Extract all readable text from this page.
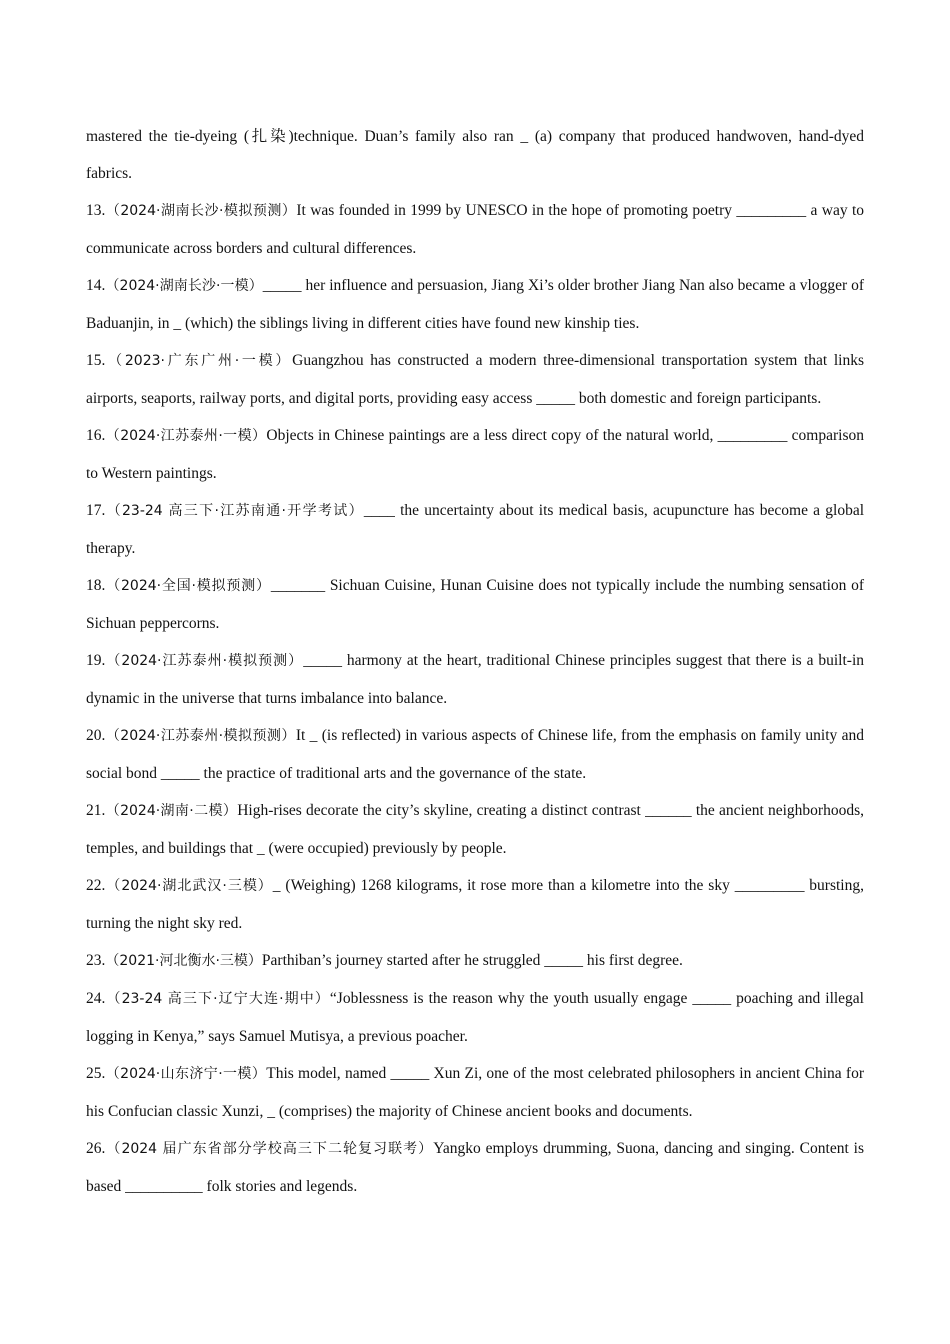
mastered the tie-dyeing (扎染)technique. Duan’s family also ran _ (a) company that produced handwoven, hand-dyed fabrics.

13.（2024·湖南长沙·模拟预测）It was founded in 1999 by UNESCO in the hope of promoting poetry _________ a way to communicate across borders and cultural differences.

14.（2024·湖南长沙·一模）_____ her influence and persuasion, Jiang Xi’s older brother Jiang Nan also became a vlogger of Baduanjin, in _ (which) the siblings living in different cities have found new kinship ties.

15.（2023·广东广州·一模）Guangzhou has constructed a modern three-dimensional transportation system that links airports, seaports, railway ports, and digital ports, providing easy access _____ both domestic and foreign participants.

16.（2024·江苏泰州·一模）Objects in Chinese paintings are a less direct copy of the natural world, _________ comparison to Western paintings.

17.（23-24 高三下·江苏南通·开学考试）____ the uncertainty about its medical basis, acupuncture has become a global therapy.

18.（2024·全国·模拟预测）_______ Sichuan Cuisine, Hunan Cuisine does not typically include the numbing sensation of Sichuan peppercorns.

19.（2024·江苏泰州·模拟预测）_____ harmony at the heart, traditional Chinese principles suggest that there is a built-in dynamic in the universe that turns imbalance into balance.

20.（2024·江苏泰州·模拟预测）It _ (is reflected) in various aspects of Chinese life, from the emphasis on family unity and social bond _____ the practice of traditional arts and the governance of the state.

21.（2024·湖南·二模）High-rises decorate the city’s skyline, creating a distinct contrast ______ the ancient neighborhoods, temples, and buildings that _ (were occupied) previously by people.

22.（2024·湖北武汉·三模）_ (Weighing) 1268 kilograms, it rose more than a kilometre into the sky _________ bursting, turning the night sky red.

23.（2021·河北衡水·三模）Parthiban’s journey started after he struggled _____ his first degree.

24.（23-24 高三下·辽宁大连·期中）“Joblessness is the reason why the youth usually engage _____ poaching and illegal logging in Kenya,” says Samuel Mutisya, a previous poacher.

25.（2024·山东济宁·一模）This model, named _____ Xun Zi, one of the most celebrated philosophers in ancient China for his Confucian classic Xunzi, _ (comprises) the majority of Chinese ancient books and documents.

26.（2024 届广东省部分学校高三下二轮复习联考）Yangko employs drumming, Suona, dancing and singing. Content is based __________ folk stories and legends.
